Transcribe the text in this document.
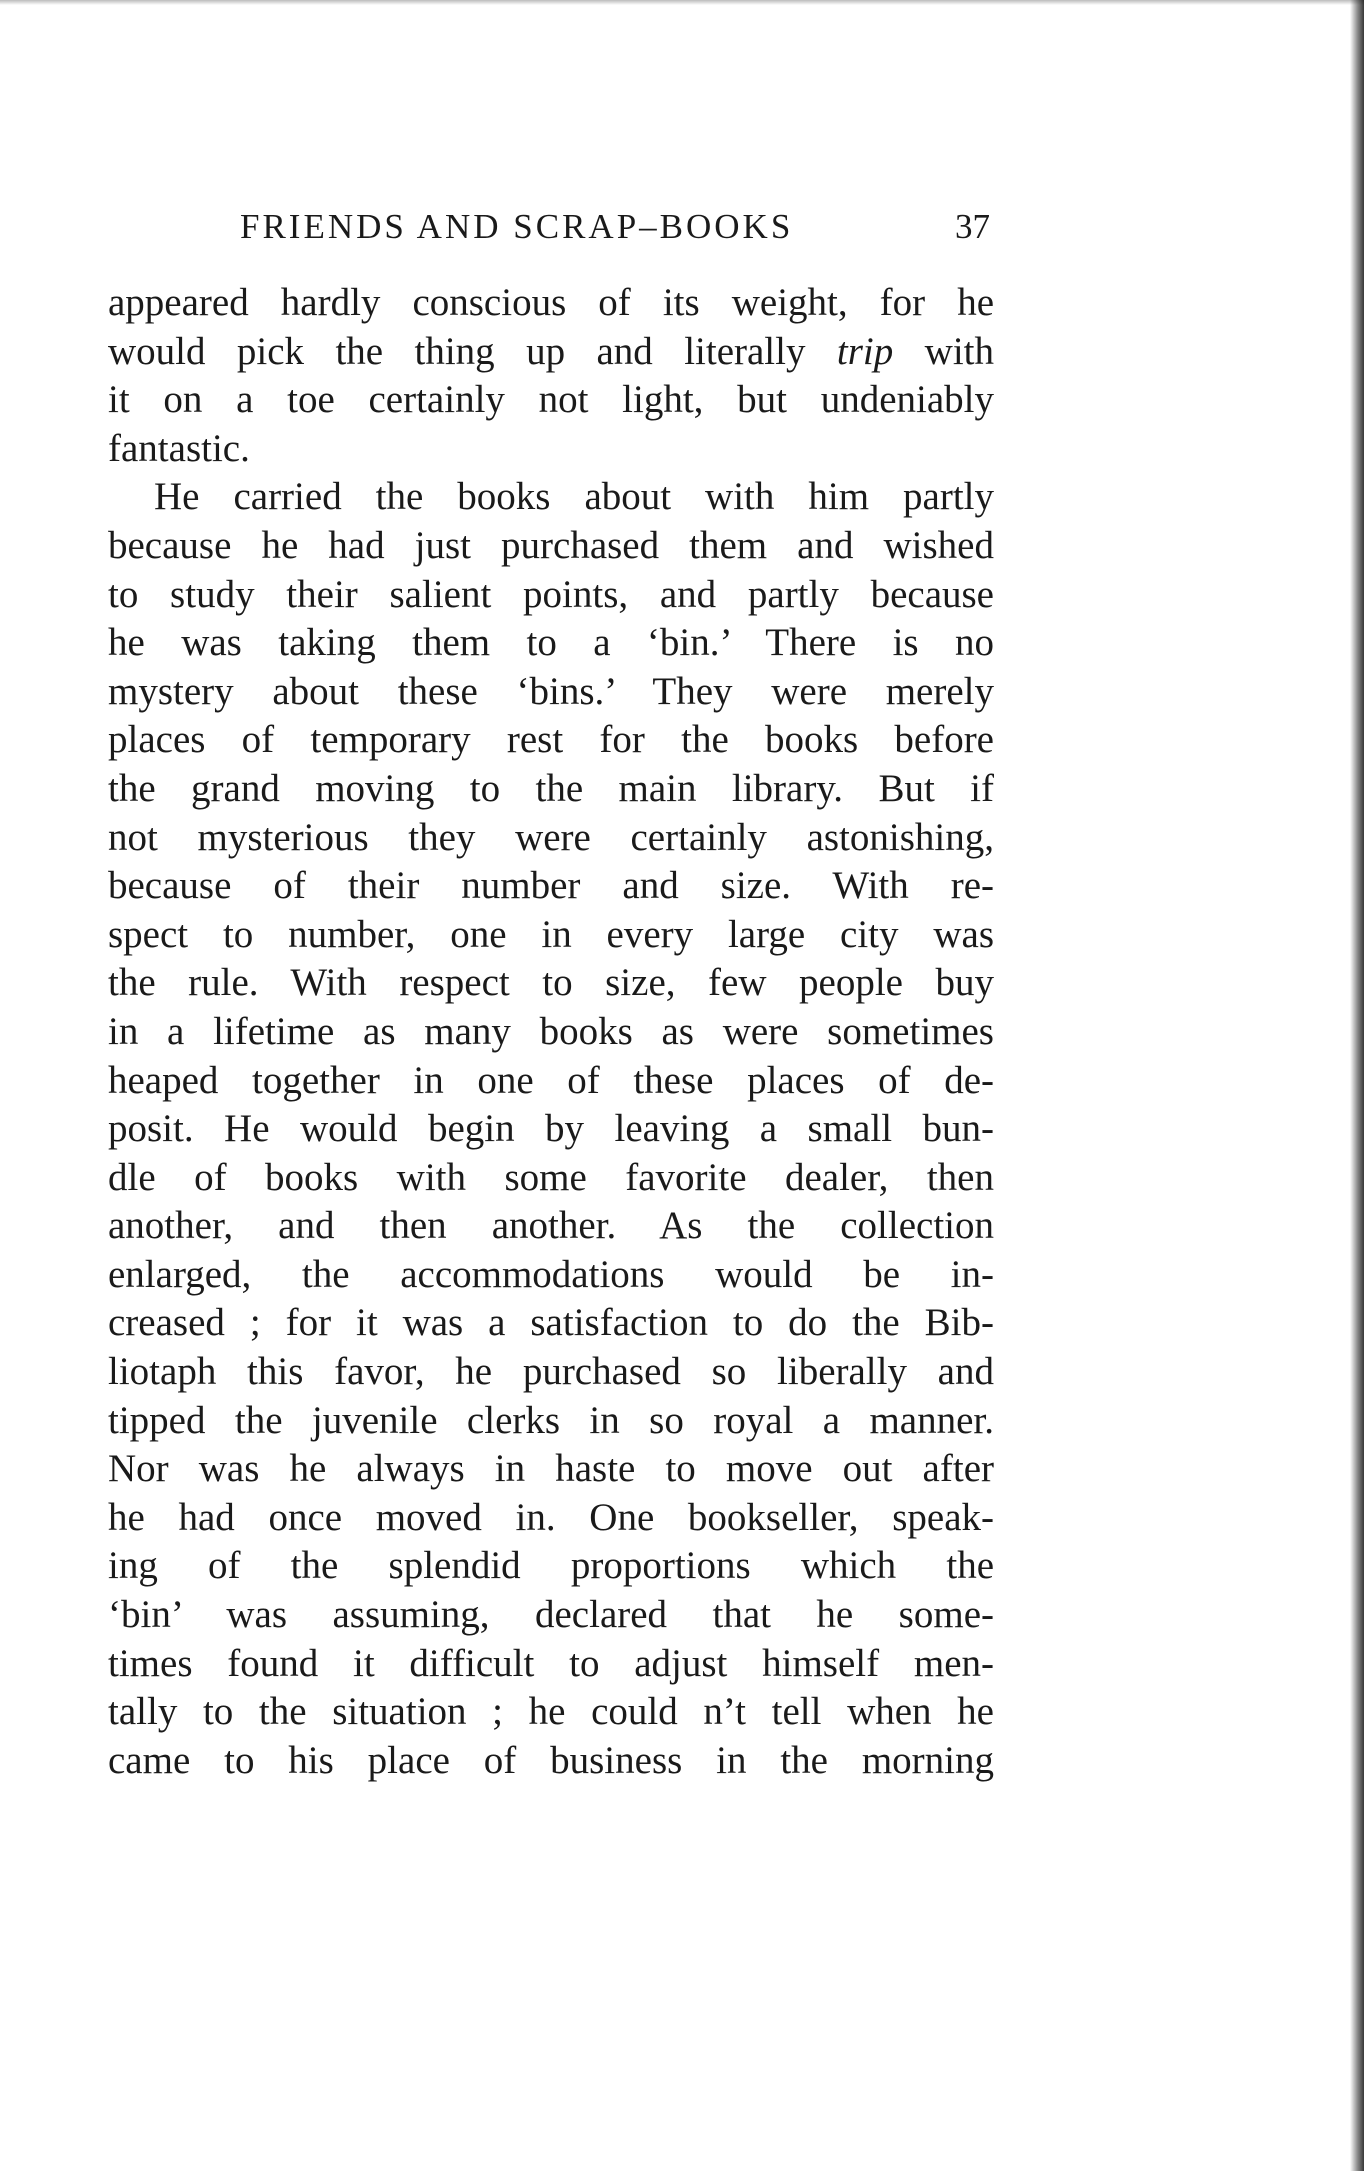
FRIENDS AND SCRAP–BOOKS	37
appeared hardly conscious of its weight, for he
would pick the thing up and literally trip with
it on a toe certainly not light, but undeniably
fantastic.
He carried the books about with him partly
because he had just purchased them and wished
to study their salient points, and partly because
he was taking them to a ‘bin.’ There is no
mystery about these ‘bins.’ They were merely
places of temporary rest for the books before
the grand moving to the main library. But if
not mysterious they were certainly astonishing,
because of their number and size. With re-
spect to number, one in every large city was
the rule. With respect to size, few people buy
in a lifetime as many books as were sometimes
heaped together in one of these places of de-
posit. He would begin by leaving a small bun-
dle of books with some favorite dealer, then
another, and then another. As the collection
enlarged, the accommodations would be in-
creased ; for it was a satisfaction to do the Bib-
liotaph this favor, he purchased so liberally and
tipped the juvenile clerks in so royal a manner.
Nor was he always in haste to move out after
he had once moved in. One bookseller, speak-
ing of the splendid proportions which the
‘bin’ was assuming, declared that he some-
times found it difficult to adjust himself men-
tally to the situation ; he could n’t tell when he
came to his place of business in the morning
